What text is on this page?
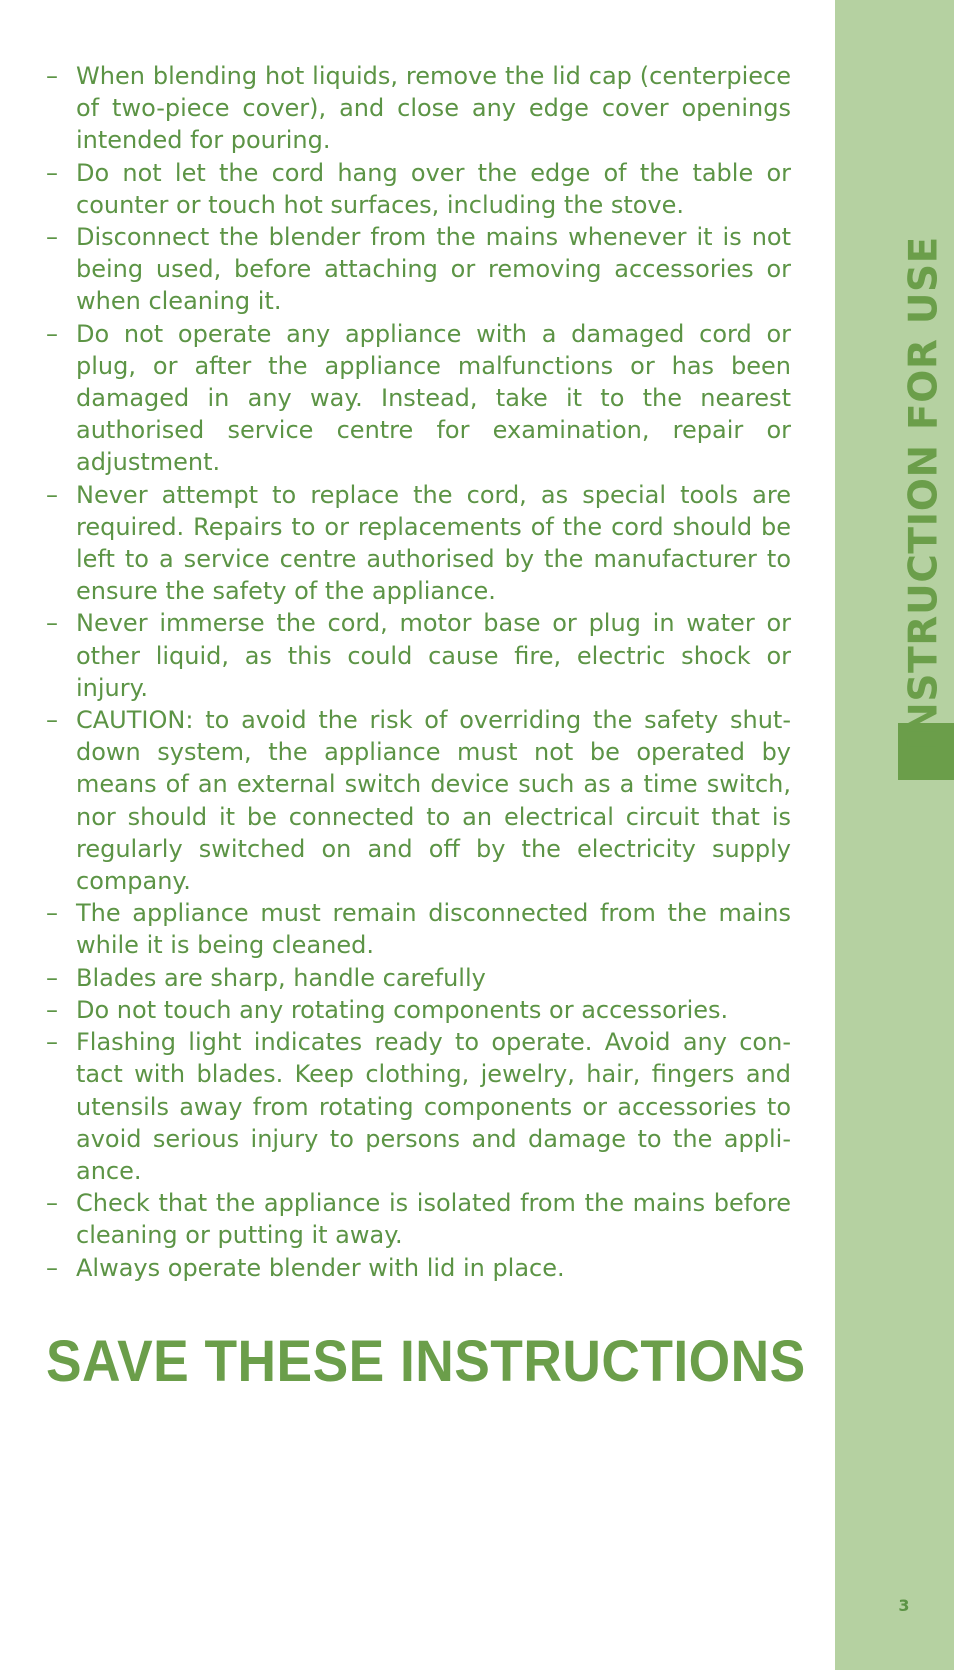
– When blending hot liquids, remove the lid cap (centerpiece of two-piece cover), and close any edge cover openings intended for pouring.
– Do not let the cord hang over the edge of the table or counter or touch hot surfaces, including the stove.
– Disconnect the blender from the mains whenever it is not being used, before attaching or removing accessories or when cleaning it.
– Do not operate any appliance with a damaged cord or plug, or after the appliance malfunctions or has been damaged in any way. Instead, take it to the nearest authorised service centre for examination, repair or adjustment.
– Never attempt to replace the cord, as special tools are required. Repairs to or replacements of the cord should be left to a service centre authorised by the manufacturer to ensure the safety of the appliance.
– Never immerse the cord, motor base or plug in water or other liquid, as this could cause fire, electric shock or injury.
– CAUTION: to avoid the risk of overriding the safety shutdown system, the appliance must not be operated by means of an external switch device such as a time switch, nor should it be connected to an electrical circuit that is regularly switched on and off by the electricity supply company.
– The appliance must remain disconnected from the mains while it is being cleaned.
– Blades are sharp, handle carefully
– Do not touch any rotating components or accessories.
– Flashing light indicates ready to operate. Avoid any contact with blades. Keep clothing, jewelry, hair, fingers and utensils away from rotating components or accessories to avoid serious injury to persons and damage to the appliance.
– Check that the appliance is isolated from the mains before cleaning or putting it away.
– Always operate blender with lid in place.
SAVE THESE INSTRUCTIONS
INSTRUCTION FOR USE
3
